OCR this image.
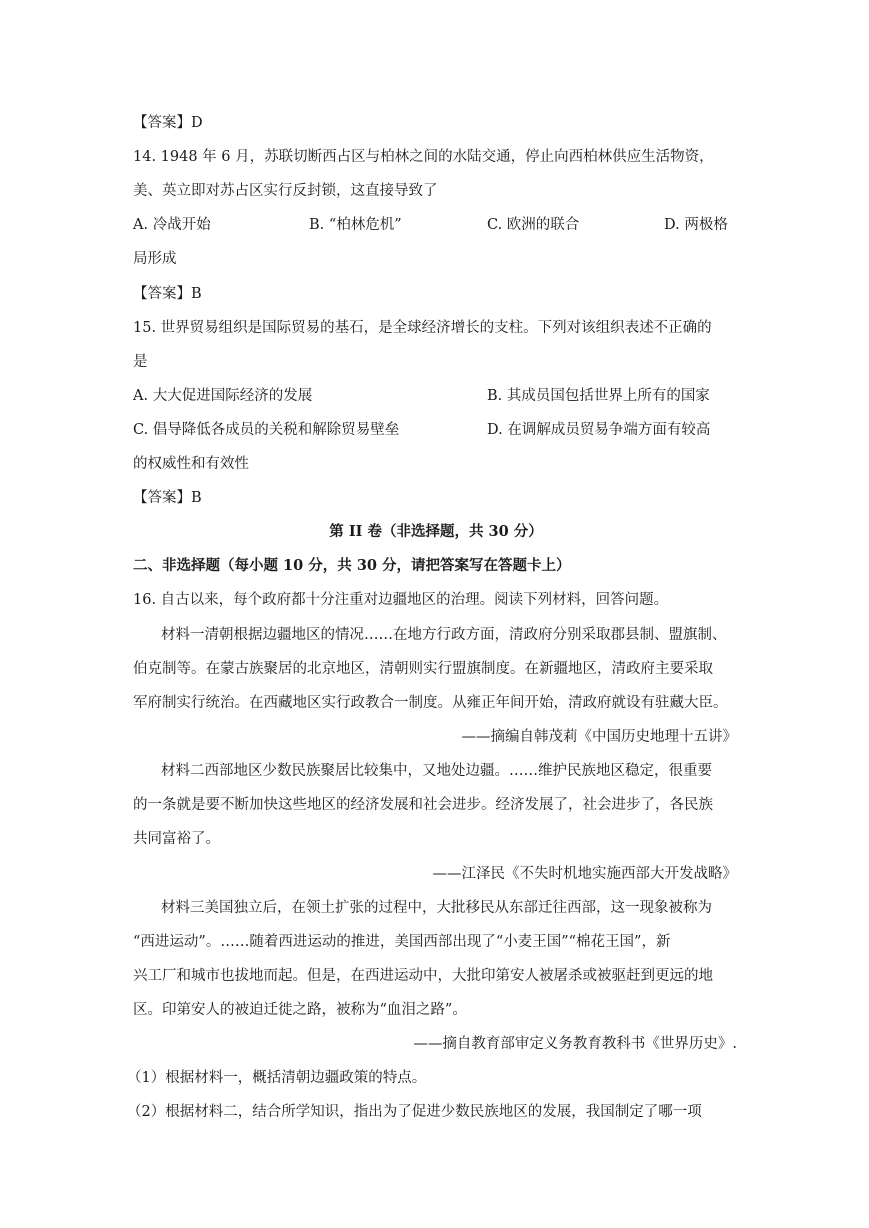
【答案】D
14. 1948 年 6 月，苏联切断西占区与柏林之间的水陆交通，停止向西柏林供应生活物资，
美、英立即对苏占区实行反封锁，这直接导致了
A. 冷战开始	B. “柏林危机”	C. 欧洲的联合	D. 两极格
局形成
【答案】B
15. 世界贸易组织是国际贸易的基石，是全球经济增长的支柱。下列对该组织表述不正确的
是
A. 大大促进国际经济的发展	B. 其成员国包括世界上所有的国家
C. 倡导降低各成员的关税和解除贸易壁垒	D. 在调解成员贸易争端方面有较高
的权威性和有效性
【答案】B
第 II 卷（非选择题，共 30 分）
二、非选择题（每小题 10 分，共 30 分，请把答案写在答题卡上）
16. 自古以来，每个政府都十分注重对边疆地区的治理。阅读下列材料，回答问题。
材料一清朝根据边疆地区的情况……在地方行政方面，清政府分别采取郡县制、盟旗制、
伯克制等。在蒙古族聚居的北京地区，清朝则实行盟旗制度。在新疆地区，清政府主要采取
军府制实行统治。在西藏地区实行政教合一制度。从雍正年间开始，清政府就设有驻藏大臣。
——摘编自韩茂莉《中国历史地理十五讲》
材料二西部地区少数民族聚居比较集中，又地处边疆。……维护民族地区稳定，很重要
的一条就是要不断加快这些地区的经济发展和社会进步。经济发展了，社会进步了，各民族
共同富裕了。
——江泽民《不失时机地实施西部大开发战略》
材料三美国独立后，在领土扩张的过程中，大批移民从东部迁往西部，这一现象被称为
“西进运动”。……随着西进运动的推进，美国西部出现了“小麦王国”“棉花王国”，新
兴工厂和城市也拔地而起。但是，在西进运动中，大批印第安人被屠杀或被驱赶到更远的地
区。印第安人的被迫迁徙之路，被称为“血泪之路”。
——摘自教育部审定义务教育教科书《世界历史》.
（1）根据材料一，概括清朝边疆政策的特点。
（2）根据材料二，结合所学知识，指出为了促进少数民族地区的发展，我国制定了哪一项
